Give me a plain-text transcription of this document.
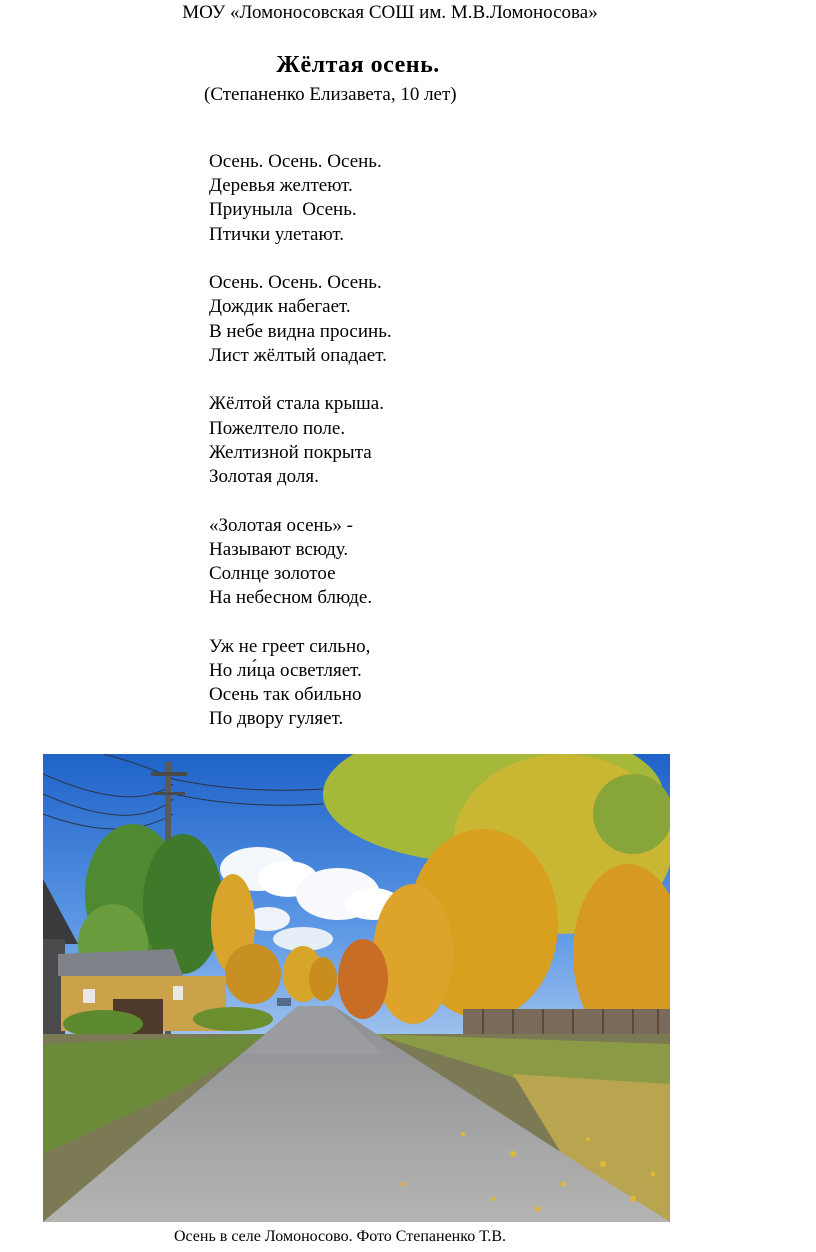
МОУ «Ломоносовская СОШ им. М.В.Ломоносова»
Жёлтая осень.
(Степаненко Елизавета, 10 лет)
Осень. Осень. Осень.
Деревья желтеют.
Приуныла  Осень.
Птички улетают.
Осень. Осень. Осень.
Дождик набегает.
В небе видна просинь.
Лист жёлтый опадает.
Жёлтой стала крыша.
Пожелтело поле.
Желтизной покрыта
Золотая доля.
«Золотая осень» -
Называют всюду.
Солнце золотое
На небесном блюде.
Уж не греет сильно,
Но ли́ца осветляет.
Осень так обильно
По двору гуляет.
Осень в селе Ломоносово. Фото Степаненко Т.В.
